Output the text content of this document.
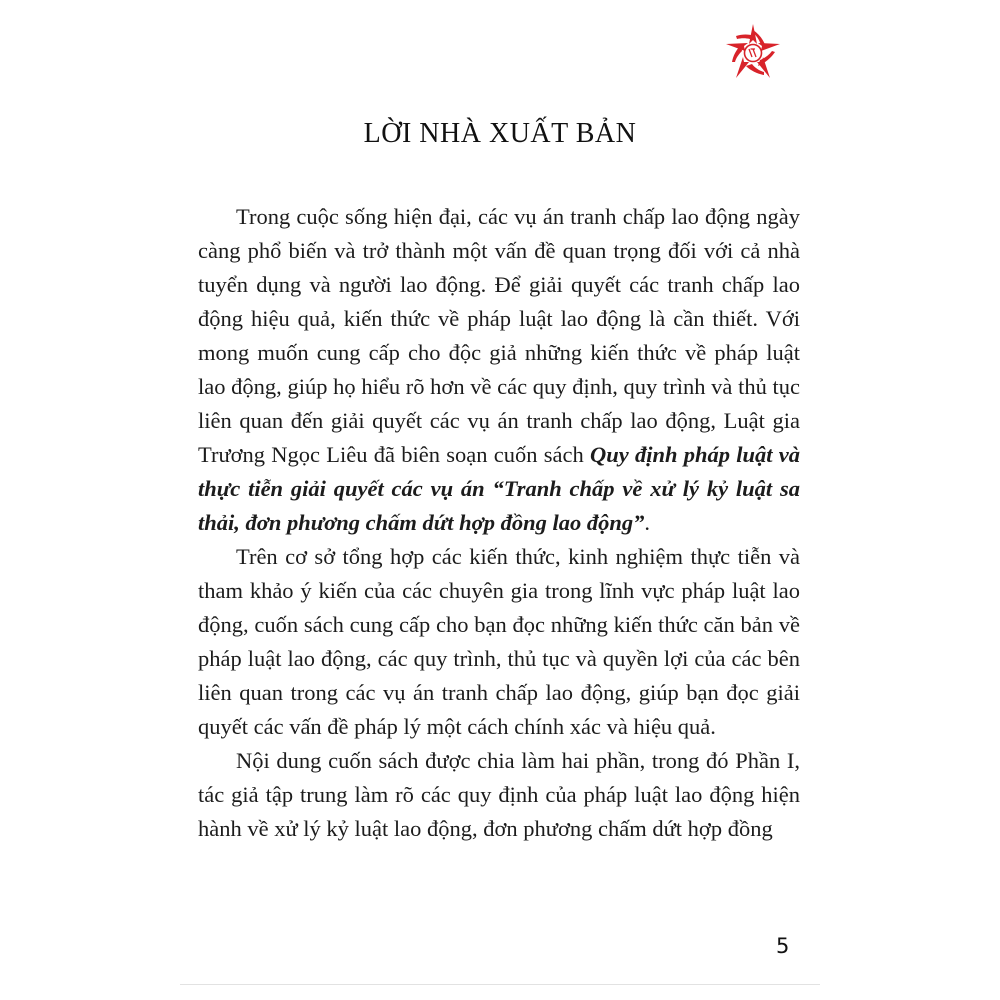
LỜI NHÀ XUẤT BẢN

Trong cuộc sống hiện đại, các vụ án tranh chấp lao động ngày càng phổ biến và trở thành một vấn đề quan trọng đối với cả nhà tuyển dụng và người lao động. Để giải quyết các tranh chấp lao động hiệu quả, kiến thức về pháp luật lao động là cần thiết. Với mong muốn cung cấp cho độc giả những kiến thức về pháp luật lao động, giúp họ hiểu rõ hơn về các quy định, quy trình và thủ tục liên quan đến giải quyết các vụ án tranh chấp lao động, Luật gia Trương Ngọc Liêu đã biên soạn cuốn sách Quy định pháp luật và thực tiễn giải quyết các vụ án “Tranh chấp về xử lý kỷ luật sa thải, đơn phương chấm dứt hợp đồng lao động”.

Trên cơ sở tổng hợp các kiến thức, kinh nghiệm thực tiễn và tham khảo ý kiến của các chuyên gia trong lĩnh vực pháp luật lao động, cuốn sách cung cấp cho bạn đọc những kiến thức căn bản về pháp luật lao động, các quy trình, thủ tục và quyền lợi của các bên liên quan trong các vụ án tranh chấp lao động, giúp bạn đọc giải quyết các vấn đề pháp lý một cách chính xác và hiệu quả.

Nội dung cuốn sách được chia làm hai phần, trong đó Phần I, tác giả tập trung làm rõ các quy định của pháp luật lao động hiện hành về xử lý kỷ luật lao động, đơn phương chấm dứt hợp đồng

5
